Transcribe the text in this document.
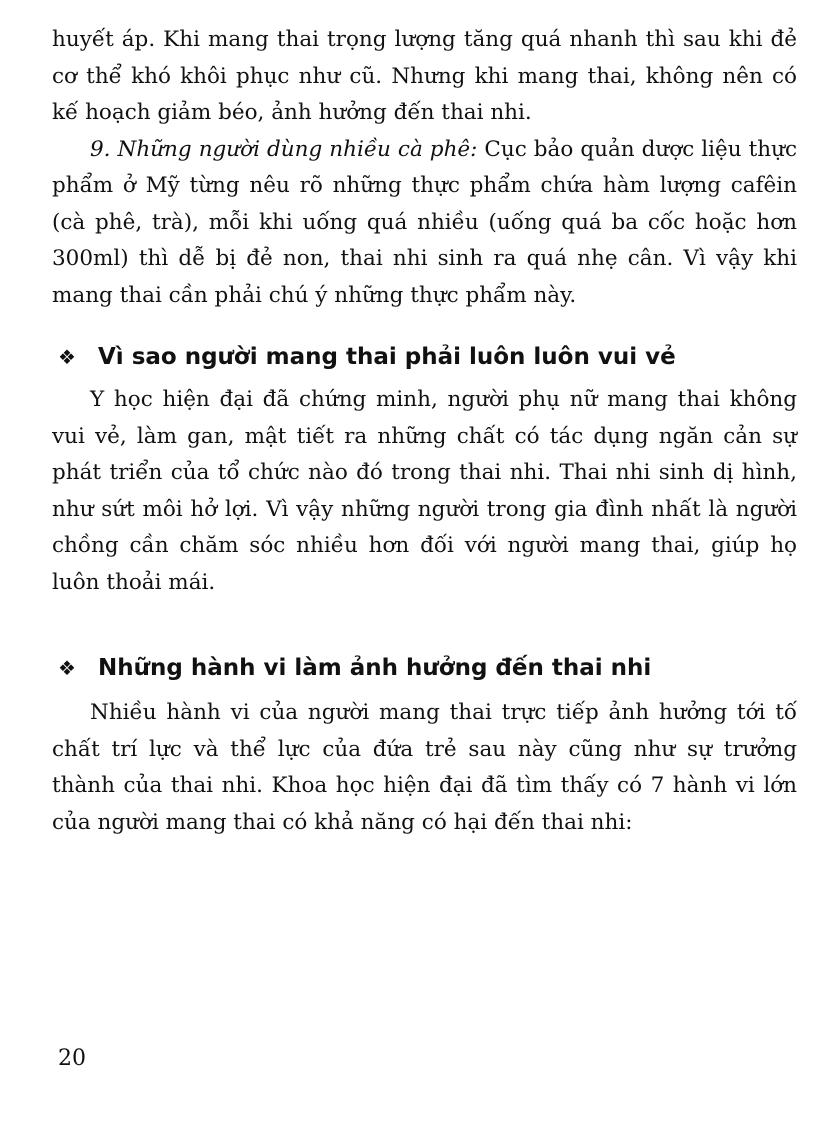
huyết áp. Khi mang thai trọng lượng tăng quá nhanh thì sau khi đẻ cơ thể khó khôi phục như cũ. Nhưng khi mang thai, không nên có kế hoạch giảm béo, ảnh hưởng đến thai nhi.

9. Những người dùng nhiều cà phê: Cục bảo quản dược liệu thực phẩm ở Mỹ từng nêu rõ những thực phẩm chứa hàm lượng cafêin (cà phê, trà), mỗi khi uống quá nhiều (uống quá ba cốc hoặc hơn 300ml) thì dễ bị đẻ non, thai nhi sinh ra quá nhẹ cân. Vì vậy khi mang thai cần phải chú ý những thực phẩm này.

❖ Vì sao người mang thai phải luôn luôn vui vẻ

Y học hiện đại đã chứng minh, người phụ nữ mang thai không vui vẻ, làm gan, mật tiết ra những chất có tác dụng ngăn cản sự phát triển của tổ chức nào đó trong thai nhi. Thai nhi sinh dị hình, như sứt môi hở lợi. Vì vậy những người trong gia đình nhất là người chồng cần chăm sóc nhiều hơn đối với người mang thai, giúp họ luôn thoải mái.

❖ Những hành vi làm ảnh hưởng đến thai nhi

Nhiều hành vi của người mang thai trực tiếp ảnh hưởng tới tố chất trí lực và thể lực của đứa trẻ sau này cũng như sự trưởng thành của thai nhi. Khoa học hiện đại đã tìm thấy có 7 hành vi lớn của người mang thai có khả năng có hại đến thai nhi:

20
